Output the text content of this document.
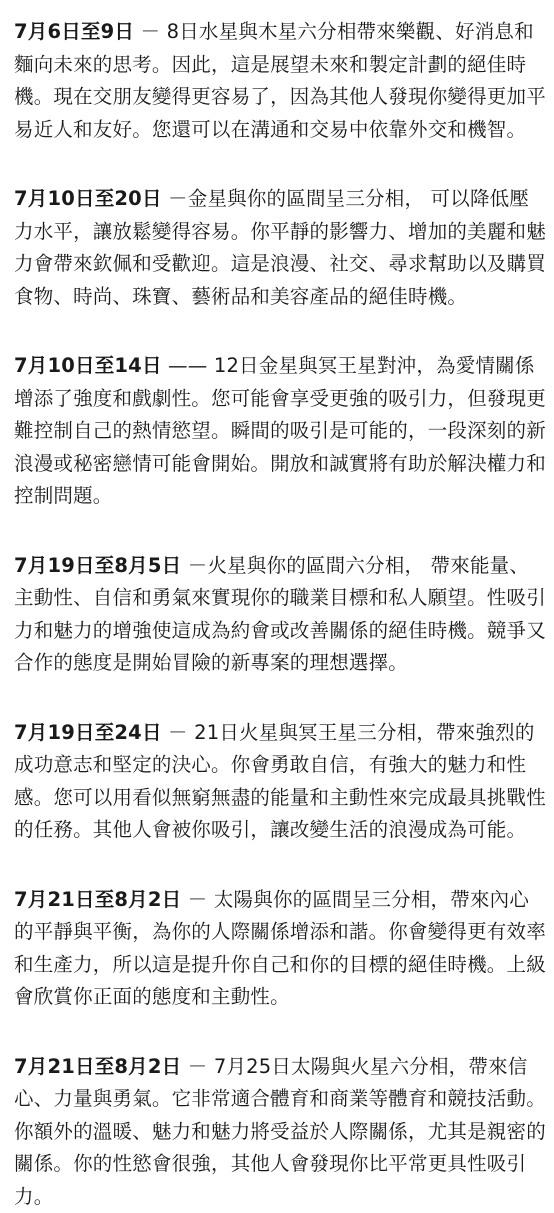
7月6日至9日 － 8日水星與木星六分相帶來樂觀、好消息和麵向未來的思考。因此，這是展望未來和製定計劃的絕佳時機。現在交朋友變得更容易了，因為其他人發現你變得更加平易近人和友好。您還可以在溝通和交易中依靠外交和機智。

7月10日至20日 －金星與你的區間呈三分相， 可以降低壓力水平，讓放鬆變得容易。你平靜的影響力、增加的美麗和魅力會帶來欽佩和受歡迎。這是浪漫、社交、尋求幫助以及購買食物、時尚、珠寶、藝術品和美容產品的絕佳時機。

7月10日至14日 —— 12日金星與冥王星對沖，為愛情關係增添了強度和戲劇性。您可能會享受更強的吸引力，但發現更難控制自己的熱情慾望。瞬間的吸引是可能的，一段深刻的新浪漫或秘密戀情可能會開始。開放和誠實將有助於解決權力和控制問題。

7月19日至8月5日 －火星與你的區間六分相， 帶來能量、主動性、自信和勇氣來實現你的職業目標和私人願望。性吸引力和魅力的增強使這成為約會或改善關係的絕佳時機。競爭又合作的態度是開始冒險的新專案的理想選擇。

7月19日至24日 － 21日火星與冥王星三分相，帶來強烈的成功意志和堅定的決心。你會勇敢自信，有強大的魅力和性感。您可以用看似無窮無盡的能量和主動性來完成最具挑戰性的任務。其他人會被你吸引，讓改變生活的浪漫成為可能。

7月21日至8月2日 － 太陽與你的區間呈三分相，帶來內心的平靜與平衡，為你的人際關係增添和諧。你會變得更有效率和生產力，所以這是提升你自己和你的目標的絕佳時機。上級會欣賞你正面的態度和主動性。

7月21日至8月2日 － 7月25日太陽與火星六分相，帶來信心、力量與勇氣。它非常適合體育和商業等體育和競技活動。你額外的溫暖、魅力和魅力將受益於人際關係，尤其是親密的關係。你的性慾會很強，其他人會發現你比平常更具性吸引力。
